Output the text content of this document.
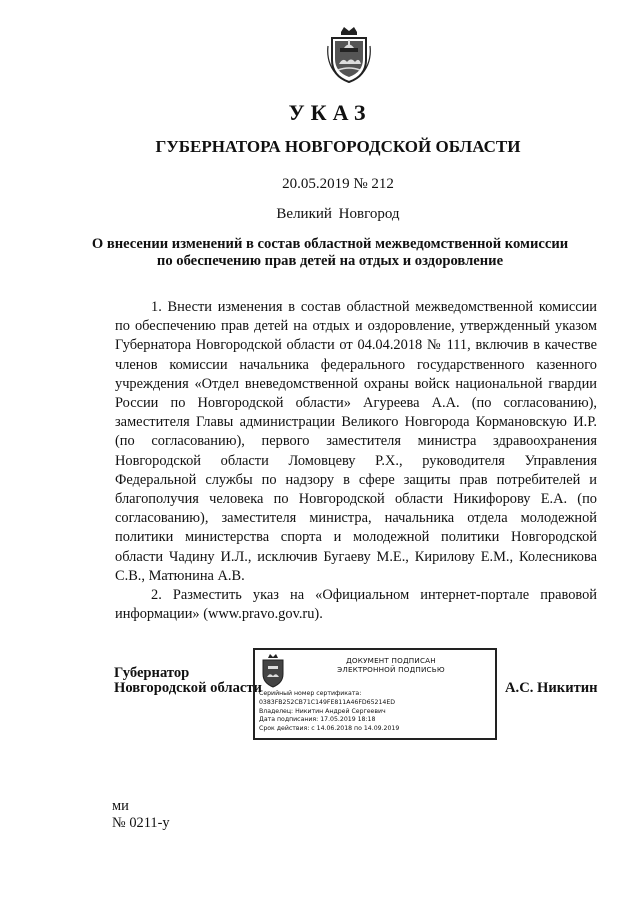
УКАЗ
ГУБЕРНАТОРА НОВГОРОДСКОЙ ОБЛАСТИ
20.05.2019 № 212
Великий Новгород
О внесении изменений в состав областной межведомственной комиссии
по обеспечению прав детей на отдых и оздоровление

1. Внести изменения в состав областной межведомственной комиссии по обеспечению прав детей на отдых и оздоровление, утвержденный указом Губернатора Новгородской области от 04.04.2018 № 111, включив в качестве членов комиссии начальника федерального государственного казенного учреждения «Отдел вневедомственной охраны войск национальной гвардии России по Новгородской области» Агуреева А.А. (по согласованию), заместителя Главы администрации Великого Новгорода Кормановскую И.Р. (по согласованию), первого заместителя министра здравоохранения Новгородской области Ломовцеву Р.Х., руководителя Управления Федеральной службы по надзору в сфере защиты прав потребителей и благополучия человека по Новгородской области Никифорову Е.А. (по согласованию), заместителя министра, начальника отдела молодежной политики министерства спорта и молодежной политики Новгородской области Чадину И.Л., исключив Бугаеву М.Е., Кирилову Е.М., Колесникова С.В., Матюнина А.В.

2. Разместить указ на «Официальном интернет-портале правовой информации» (www.pravo.gov.ru).

Губернатор
Новгородской области
ДОКУМЕНТ ПОДПИСАН
ЭЛЕКТРОННОЙ ПОДПИСЬЮ
Серийный номер сертификата:
0383FB252CB71C149FE811A46FD65214ED
Владелец: Никитин Андрей Сергеевич
Дата подписания: 17.05.2019 18:18
Срок действия: с 14.06.2018 по 14.09.2019
А.С. Никитин
ми
№ 0211-у
